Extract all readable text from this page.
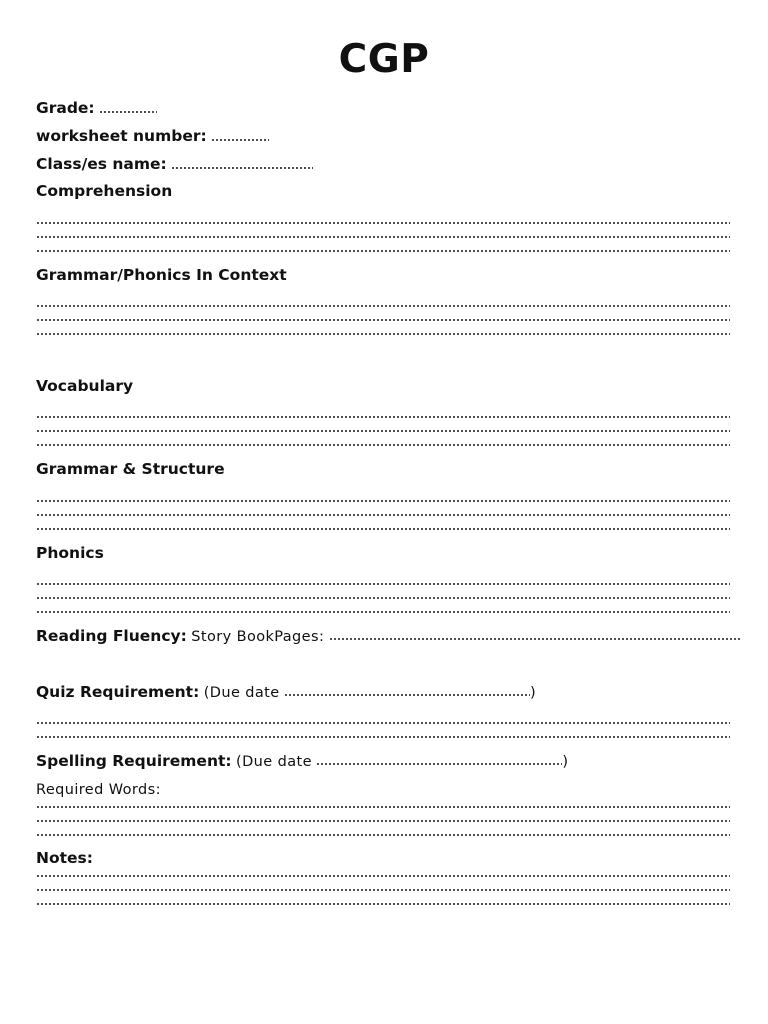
CGP
Grade:
worksheet number:
Class/es name:
Comprehension
Grammar/Phonics In Context
Vocabulary
Grammar & Structure
Phonics
Reading Fluency: Story BookPages:
Quiz Requirement: (Due date	)
Spelling Requirement: (Due date	)
Required Words:
Notes:
